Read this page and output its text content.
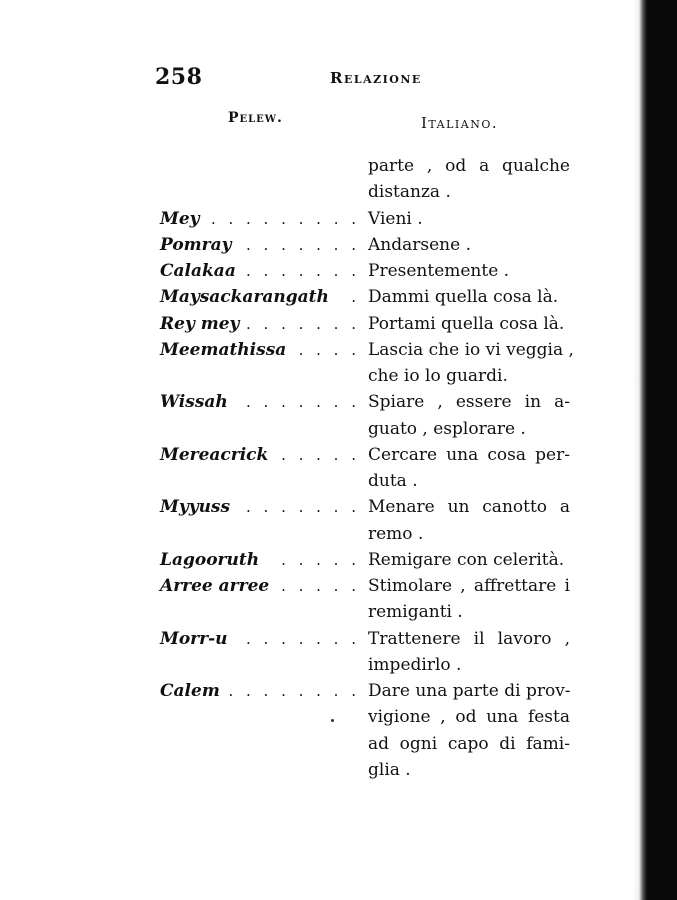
258	Relazione
Pelew.	Italiano.
parte , od a qualche
distanza .
Mey . . . . . . . . . Vieni .
Pomray . . . . . . . Andarsene .
Calakaa . . . . . . . Presentemente .
Maysackarangath . Dammi quella cosa là.
Rey mey . . . . . . . Portami quella cosa là.
Meemathissa . . . . Lascia che io vi veggia ,
che io lo guardi.
Wissah . . . . . . . Spiare , essere in a-
guato , esplorare .
Mereacrick . . . . . Cercare una cosa per-
duta .
Myyuss . . . . . . . Menare un canotto a
remo .
Lagooruth . . . . . Remigare con celerità.
Arree arree . . . . . Stimolare , affrettare i
remiganti .
Morr-u . . . . . . . Trattenere il lavoro ,
impedirlo .
Calem . . . . . . . . Dare una parte di prov-
vigione , od una festa
ad ogni capo di fami-
glia .
